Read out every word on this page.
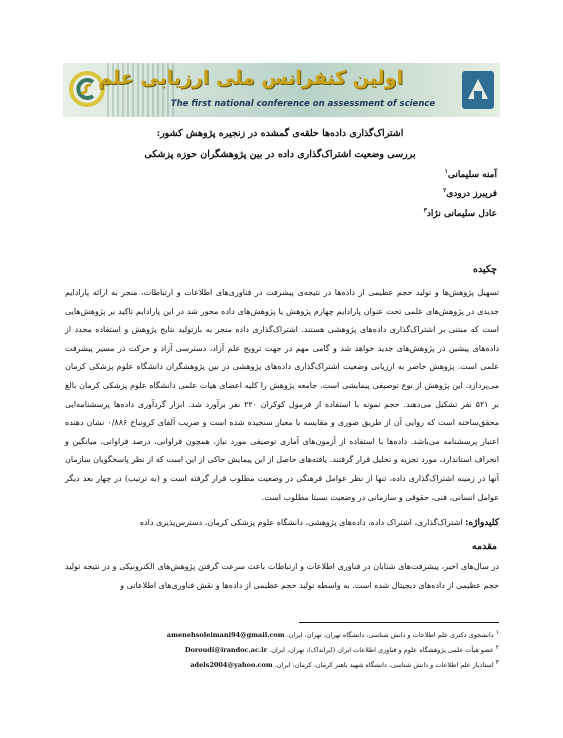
اولین کنفرانس ملی ارزیابی علم
The first national conference on assessment of science
اشتراک‌گذاری داده‌ها حلقه‌ی گمشده در زنجیره پژوهش کشور:
بررسی وضعیت اشتراک‌گذاری داده در بین پژوهشگران حوزه پزشکی
آمنه سلیمانی$^۱$
فریبرز درودی$^۲$
عادل سلیمانی نژاد$^۳$
چکیده
تسهیل پژوهش‌ها و تولید حجم عظیمی از داده‌ها در نتیجه‌ی پیشرفت در فناوری‌های اطلاعات و ارتباطات، منجر به ارائه پارادایم جدیدی در پژوهش‌های علمی تحت عنوان پارادایم چهارم پژوهش یا پژوهش‌های داده محور شد در این پارادایم تاکید بر پژوهش‌هایی است که مبتنی بر اشتراک‌گذاری داده‌های پژوهشی هستند. اشتراک‌گذاری داده منجر به بازتولید نتایج پژوهش و استفاده مجدد از داده‌های پیشین در پژوهش‌های جدید خواهد شد و گامی مهم در جهت ترویج علم آزاد، دسترسی آزاد و حرکت در مسیر پیشرفت علمی است. پژوهش حاضر به ارزیابی وضعیت اشتراک‌گذاری داده‌های پژوهشی در بین پژوهشگران دانشگاه علوم پزشکی کرمان می‌پردازد. این پژوهش از نوع توصیفی پیمایشی است. جامعه پژوهش را کلیه اعضای هیات علمی دانشگاه علوم پزشکی کرمان بالغ بر ۵۲۱ نفر تشکیل می‌دهند. حجم نمونه با استفاده از فرمول کوکران ۲۲۰ نفر برآورد شد. ابزار گردآوری داده‌ها پرسشنامه‌ایی محقق‌ساخته است که روایی آن از طریق صوری و مقایسه با معیار سنجیده شده است و ضریب آلفای کرونباخ ۰/۸۸۶ نشان دهنده اعتبار پرسشنامه می‌باشد. داده‌ها با استفاده از آزمون‌های آماری توصیفی مورد نیاز، همچون فراوانی، درصد فراوانی، میانگین و انحراف استاندارد، مورد تجزیه و تحلیل قرار گرفتند. یافته‌های حاصل از این پیمایش حاکی از این است که از نظر پاسخگویان سازمان آنها در زمینه اشتراک‌گذاری داده، تنها از نظر عوامل فرهنگی در وضعیت مطلوب قرار گرفته است و (به ترتیب) در چهار بعد دیگر عوامل انسانی، فنی، حقوقی و سازمانی در وضعیت نسبتا مطلوب است.
کلیدواژه: اشتراک‌گذاری، اشتراک داده، داده‌های پژوهشی، دانشگاه علوم پزشکی کرمان، دسترس‌پذیری داده
مقدمه
در سال‌های اخیر، پیشرفت‌های شتابان در فناوری اطلاعات و ارتباطات باعث سرعت گرفتن پژوهش‌های الکترونیکی و در نتیجه تولید حجم عظیمی از داده‌های دیجیتال شده است. به واسطه تولید حجم عظیمی از داده‌ها و نقش فناوری‌های اطلاعاتی و
$^۱$ دانشجوی دکتری علم اطلاعات و دانش شناسی، دانشگاه تهران، تهران، ایران. amenehsoleimani94@gmail.com
$^۲$ عضو هیأت علمی پژوهشگاه علوم و فناوری اطلاعات ایران (ایرانداک)، تهران، ایران. Doroudi@irandoc.ac.ir
$^۳$ استادیار علم اطلاعات و دانش شناسی، دانشگاه شهید باهنر کرمان، کرمان، ایران. adels2004@yahoo.com
